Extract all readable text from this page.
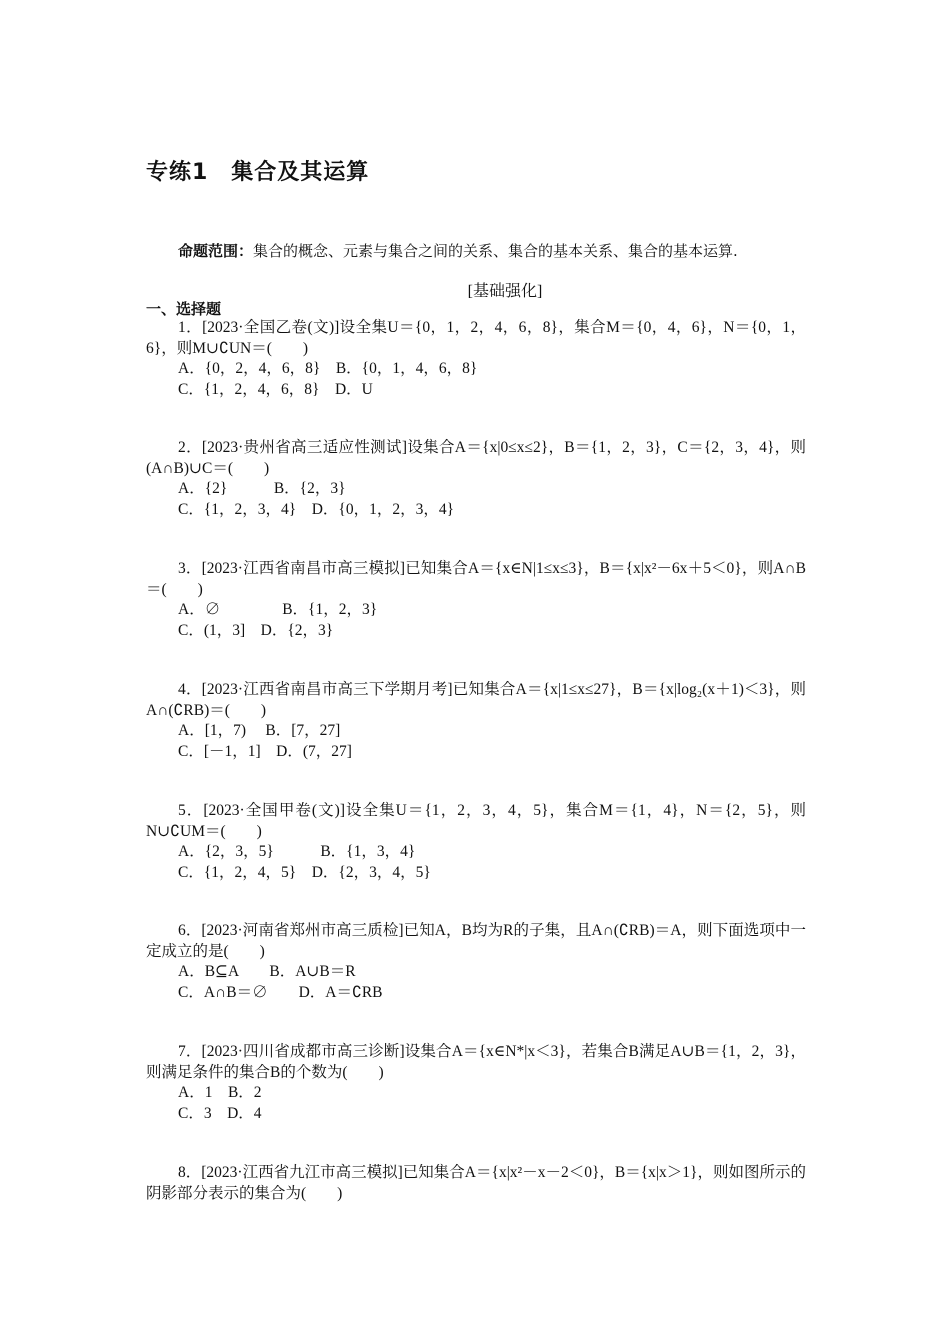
专练1　集合及其运算
命题范围：集合的概念、元素与集合之间的关系、集合的基本关系、集合的基本运算.
[基础强化]
一、选择题
1．[2023·全国乙卷(文)]设全集U＝{0，1，2，4，6，8}，集合M＝{0，4，6}，N＝{0，1，6}，则M∪∁UN＝(　　)
A．{0，2，4，6，8}　B．{0，1，4，6，8}
C．{1，2，4，6，8}　D．U
2．[2023·贵州省高三适应性测试]设集合A＝{x|0≤x≤2}，B＝{1，2，3}，C＝{2，3，4}，则(A∩B)∪C＝(　　)
A．{2}　　　B．{2，3}
C．{1，2，3，4}　D．{0，1，2，3，4}
3．[2023·江西省南昌市高三模拟]已知集合A＝{x∈N|1≤x≤3}，B＝{x|x²－6x＋5＜0}，则A∩B＝(　　)
A．∅　　　　B．{1，2，3}
C．(1，3]　D．{2，3}
4．[2023·江西省南昌市高三下学期月考]已知集合A＝{x|1≤x≤27}，B＝{x|log₂(x＋1)＜3}，则A∩(∁RB)＝(　　)
A．[1，7)　 B．[7，27]
C．[－1，1]　D．(7，27]
5．[2023·全国甲卷(文)]设全集U＝{1，2，3，4，5}，集合M＝{1，4}，N＝{2，5}，则N∪∁UM＝(　　)
A．{2，3，5}　　　B．{1，3，4}
C．{1，2，4，5}　D．{2，3，4，5}
6．[2023·河南省郑州市高三质检]已知A，B均为R的子集，且A∩(∁RB)＝A，则下面选项中一定成立的是(　　)
A．B⊆A　　B．A∪B＝R
C．A∩B＝∅　　D．A＝∁RB
7．[2023·四川省成都市高三诊断]设集合A＝{x∈N*|x＜3}，若集合B满足A∪B＝{1，2，3}，则满足条件的集合B的个数为(　　)
A．1　B．2
C．3　D．4
8．[2023·江西省九江市高三模拟]已知集合A＝{x|x²－x－2＜0}，B＝{x|x＞1}，则如图所示的阴影部分表示的集合为(　　)
